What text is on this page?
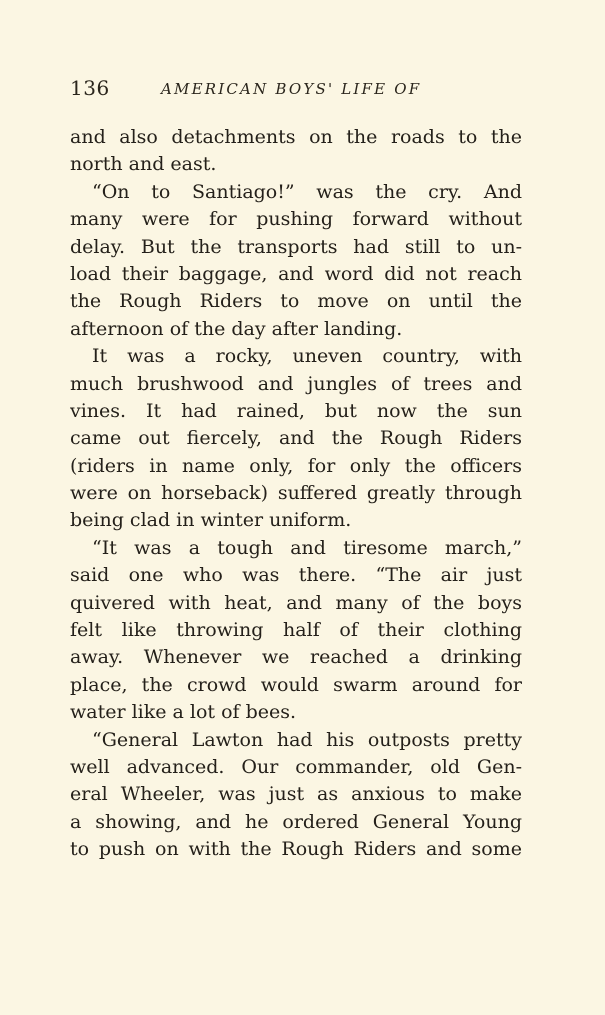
136	AMERICAN BOYS' LIFE OF
and also detachments on the roads to the
north and east.
“On to Santiago!” was the cry. And
many were for pushing forward without
delay. But the transports had still to un-
load their baggage, and word did not reach
the Rough Riders to move on until the
afternoon of the day after landing.
It was a rocky, uneven country, with
much brushwood and jungles of trees and
vines. It had rained, but now the sun
came out fiercely, and the Rough Riders
(riders in name only, for only the officers
were on horseback) suffered greatly through
being clad in winter uniform.
“It was a tough and tiresome march,”
said one who was there. “The air just
quivered with heat, and many of the boys
felt like throwing half of their clothing
away. Whenever we reached a drinking
place, the crowd would swarm around for
water like a lot of bees.
“General Lawton had his outposts pretty
well advanced. Our commander, old Gen-
eral Wheeler, was just as anxious to make
a showing, and he ordered General Young
to push on with the Rough Riders and some
